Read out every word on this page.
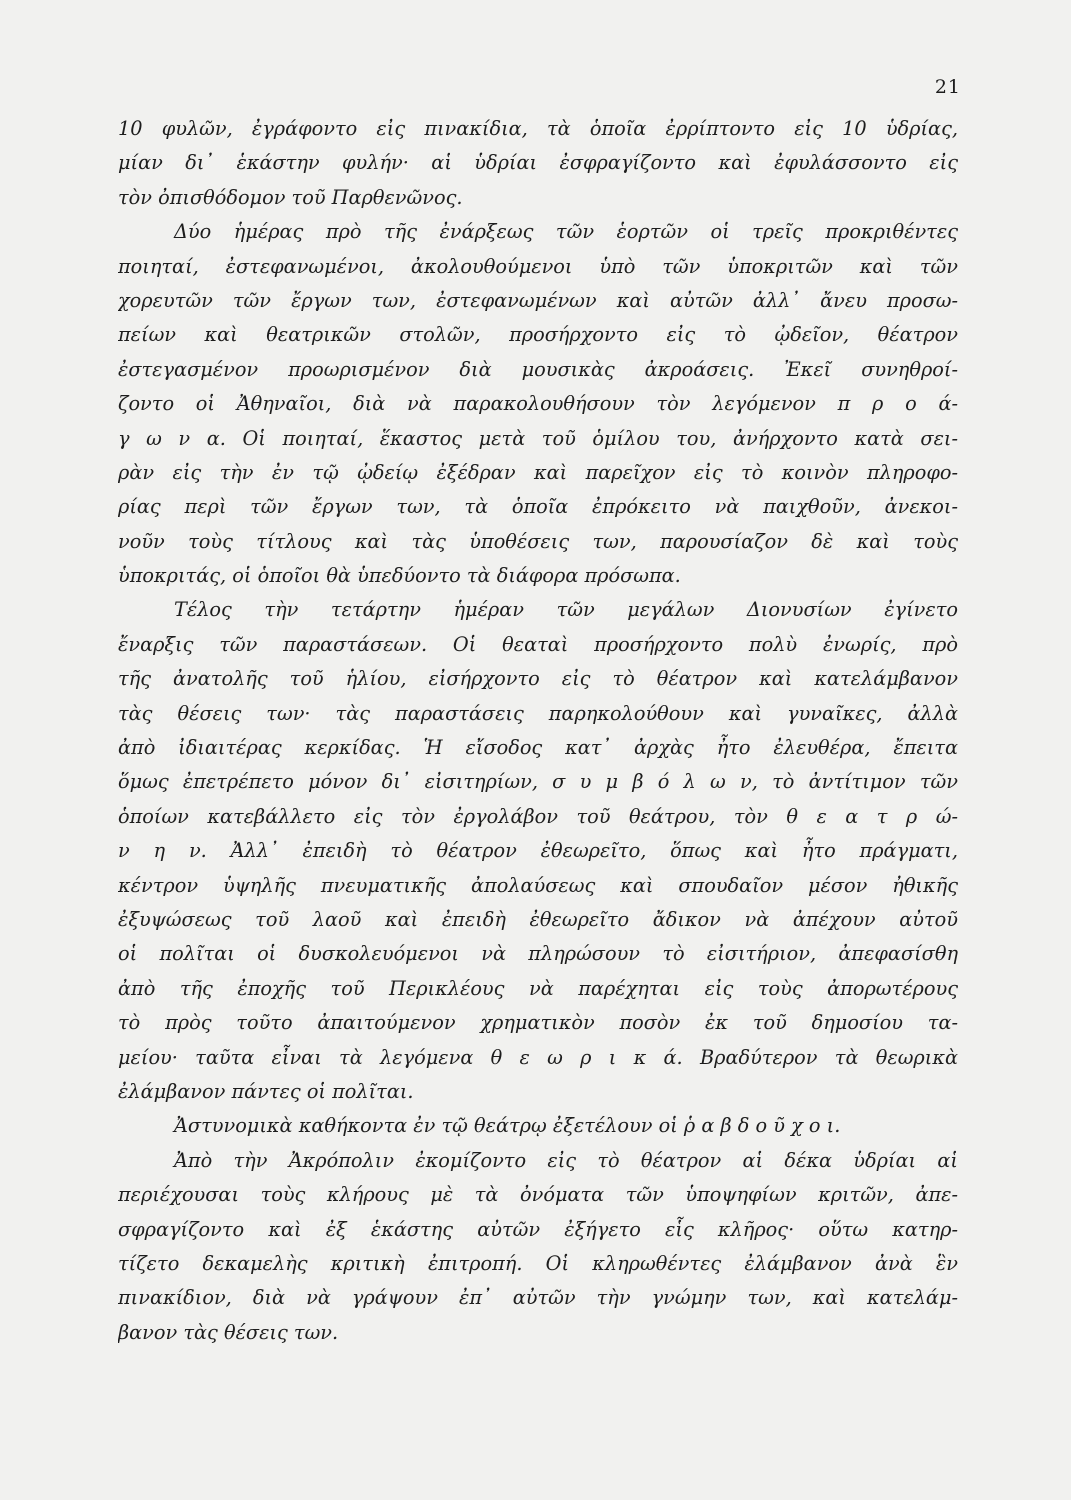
21
10 φυλῶν, ἐγράφοντο εἰς πινακίδια, τὰ ὁποῖα ἐρρίπτοντο εἰς 10 ὑδρίας,
μίαν δι᾽ ἑκάστην φυλήν· αἱ ὑδρίαι ἐσφραγίζοντο καὶ ἐφυλάσσοντο εἰς
τὸν ὀπισθόδομον τοῦ Παρθενῶνος.
Δύο ἡμέρας πρὸ τῆς ἐνάρξεως τῶν ἑορτῶν οἱ τρεῖς προκριθέντες
ποιηταί, ἐστεφανωμένοι, ἀκολουθούμενοι ὑπὸ τῶν ὑποκριτῶν καὶ τῶν
χορευτῶν τῶν ἔργων των, ἐστεφανωμένων καὶ αὐτῶν ἀλλ᾽ ἄνευ προσω-
πείων καὶ θεατρικῶν στολῶν, προσήρχοντο εἰς τὸ ᾠδεῖον, θέατρον
ἐστεγασμένον προωρισμένον διὰ μουσικὰς ἀκροάσεις. Ἐκεῖ συνηθροί-
ζοντο οἱ Ἀθηναῖοι, διὰ νὰ παρακολουθήσουν τὸν λεγόμενον π ρ ο ά-
γ ω ν α. Οἱ ποιηταί, ἕκαστος μετὰ τοῦ ὁμίλου του, ἀνήρχοντο κατὰ σει-
ρὰν εἰς τὴν ἐν τῷ ᾠδείῳ ἐξέδραν καὶ παρεῖχον εἰς τὸ κοινὸν πληροφο-
ρίας περὶ τῶν ἔργων των, τὰ ὁποῖα ἐπρόκειτο νὰ παιχθοῦν, ἀνεκοι-
νοῦν τοὺς τίτλους καὶ τὰς ὑποθέσεις των, παρουσίαζον δὲ καὶ τοὺς
ὑποκριτάς, οἱ ὁποῖοι θὰ ὑπεδύοντο τὰ διάφορα πρόσωπα.
Τέλος τὴν τετάρτην ἡμέραν τῶν μεγάλων Διονυσίων ἐγίνετο
ἔναρξις τῶν παραστάσεων. Οἱ θεαταὶ προσήρχοντο πολὺ ἐνωρίς, πρὸ
τῆς ἀνατολῆς τοῦ ἡλίου, εἰσήρχοντο εἰς τὸ θέατρον καὶ κατελάμβανον
τὰς θέσεις των· τὰς παραστάσεις παρηκολούθουν καὶ γυναῖκες, ἀλλὰ
ἀπὸ ἰδιαιτέρας κερκίδας. Ἡ εἴσοδος κατ᾽ ἀρχὰς ἦτο ἐλευθέρα, ἔπειτα
ὅμως ἐπετρέπετο μόνον δι᾽ εἰσιτηρίων, σ υ μ β ό λ ω ν, τὸ ἀντίτιμον τῶν
ὁποίων κατεβάλλετο εἰς τὸν ἐργολάβον τοῦ θεάτρου, τὸν θ ε α τ ρ ώ-
ν η ν. Ἀλλ᾽ ἐπειδὴ τὸ θέατρον ἐθεωρεῖτο, ὅπως καὶ ἦτο πράγματι,
κέντρον ὑψηλῆς πνευματικῆς ἀπολαύσεως καὶ σπουδαῖον μέσον ἠθικῆς
ἐξυψώσεως τοῦ λαοῦ καὶ ἐπειδὴ ἐθεωρεῖτο ἄδικον νὰ ἀπέχουν αὐτοῦ
οἱ πολῖται οἱ δυσκολευόμενοι νὰ πληρώσουν τὸ εἰσιτήριον, ἀπεφασίσθη
ἀπὸ τῆς ἐποχῆς τοῦ Περικλέους νὰ παρέχηται εἰς τοὺς ἀπορωτέρους
τὸ πρὸς τοῦτο ἀπαιτούμενον χρηματικὸν ποσὸν ἐκ τοῦ δημοσίου τα-
μείου· ταῦτα εἶναι τὰ λεγόμενα θ ε ω ρ ι κ ά. Βραδύτερον τὰ θεωρικὰ
ἐλάμβανον πάντες οἱ πολῖται.
Ἀστυνομικὰ καθήκοντα ἐν τῷ θεάτρῳ ἐξετέλουν οἱ ῥ α β δ ο ῦ χ ο ι.
Ἀπὸ τὴν Ἀκρόπολιν ἐκομίζοντο εἰς τὸ θέατρον αἱ δέκα ὑδρίαι αἱ
περιέχουσαι τοὺς κλήρους μὲ τὰ ὀνόματα τῶν ὑποψηφίων κριτῶν, ἀπε-
σφραγίζοντο καὶ ἐξ ἑκάστης αὐτῶν ἐξήγετο εἷς κλῆρος· οὕτω κατηρ-
τίζετο δεκαμελὴς κριτικὴ ἐπιτροπή. Οἱ κληρωθέντες ἐλάμβανον ἀνὰ ἓν
πινακίδιον, διὰ νὰ γράψουν ἐπ᾽ αὐτῶν τὴν γνώμην των, καὶ κατελάμ-
βανον τὰς θέσεις των.
